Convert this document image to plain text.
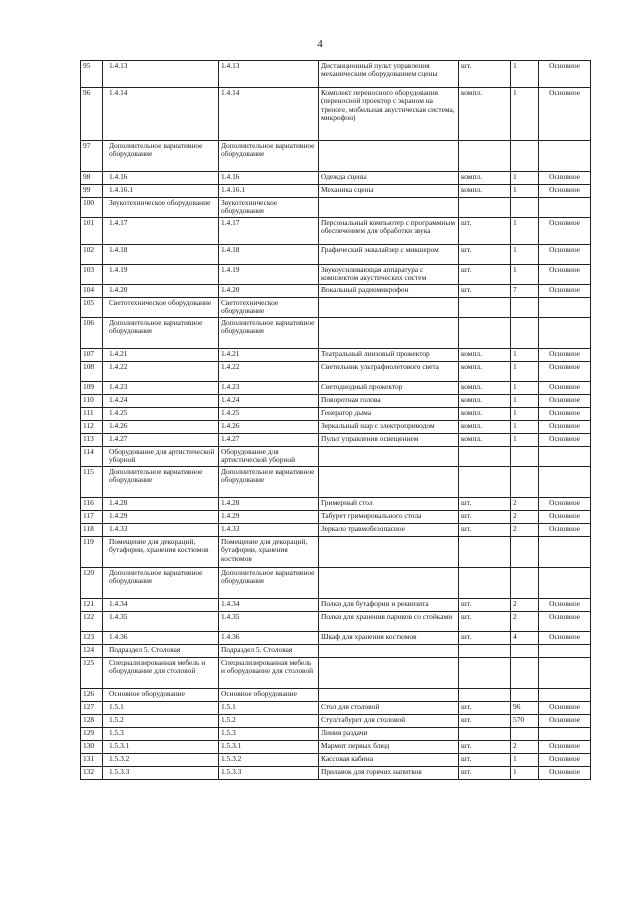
4
95	1.4.13	1.4.13	Дистанционный пульт управления механическим оборудованием сцены	шт.	1	Основное
96	1.4.14	1.4.14	Комплект переносного оборудования (переносной проектор с экраном на треноге, мобильная акустическая система, микрофон)	компл.	1	Основное
97	Дополнительное вариативное оборудование	Дополнительное вариативное оборудование				
98	1.4.16	1.4.16	Одежда сцены	компл.	1	Основное
99	1.4.16.1	1.4.16.1	Механика сцены	компл.	1	Основное
100	Звукотехническое оборудование	Звукотехническое оборудование				
101	1.4.17	1.4.17	Персональный компьютер с программным обеспечением для обработки звука	шт.	1	Основное
102	1.4.18	1.4.18	Графический эквалайзер с микшером	шт.	1	Основное
103	1.4.19	1.4.19	Звукоусиливающая аппаратура с комплектом акустических систем	шт.	1	Основное
104	1.4.20	1.4.20	Вокальный радиомикрофон	шт.	7	Основное
105	Светотехническое оборудование	Светотехническое оборудование				
106	Дополнительное вариативное оборудование	Дополнительное вариативное оборудование				
107	1.4.21	1.4.21	Театральный линзовый прожектор	компл.	1	Основное
108	1.4.22	1.4.22	Светильник ультрафиолетового света	компл.	1	Основное
109	1.4.23	1.4.23	Светодиодный прожектор	компл.	1	Основное
110	1.4.24	1.4.24	Поворотная голова	компл.	1	Основное
111	1.4.25	1.4.25	Генератор дыма	компл.	1	Основное
112	1.4.26	1.4.26	Зеркальный шар с электроприводом	компл.	1	Основное
113	1.4.27	1.4.27	Пульт управления освещением	компл.	1	Основное
114	Оборудование для артистической уборной	Оборудование для артистической уборной				
115	Дополнительное вариативное оборудование	Дополнительное вариативное оборудование				
116	1.4.28	1.4.28	Гримерный стол	шт.	2	Основное
117	1.4.29	1.4.29	Табурет гримировального стола	шт.	2	Основное
118	1.4.33	1.4.33	Зеркало травмобезопасное	шт.	2	Основное
119	Помещение для декораций, бутафории, хранения костюмов	Помещение для декораций, бутафории, хранения костюмов				
120	Дополнительное вариативное оборудование	Дополнительное вариативное оборудование				
121	1.4.34	1.4.34	Полки для бутафории и реквизита	шт.	2	Основное
122	1.4.35	1.4.35	Полки для хранения париков со стойками	шт.	2	Основное
123	1.4.36	1.4.36	Шкаф для хранения костюмов	шт.	4	Основное
124	Подраздел 5. Столовая	Подраздел 5. Столовая				
125	Специализированная мебель и оборудование для столовой	Специализированная мебель и оборудование для столовой				
126	Основное оборудование	Основное оборудование				
127	1.5.1	1.5.1	Стол для столовой	шт.	96	Основное
128	1.5.2	1.5.2	Стул/табурет для столовой	шт.	570	Основное
129	1.5.3	1.5.3	Линия раздачи			
130	1.5.3.1	1.5.3.1	Мармит первых блюд	шт.	2	Основное
131	1.5.3.2	1.5.3.2	Кассовая кабина	шт.	1	Основное
132	1.5.3.3	1.5.3.3	Прилавок для горячих напитков	шт.	1	Основное
